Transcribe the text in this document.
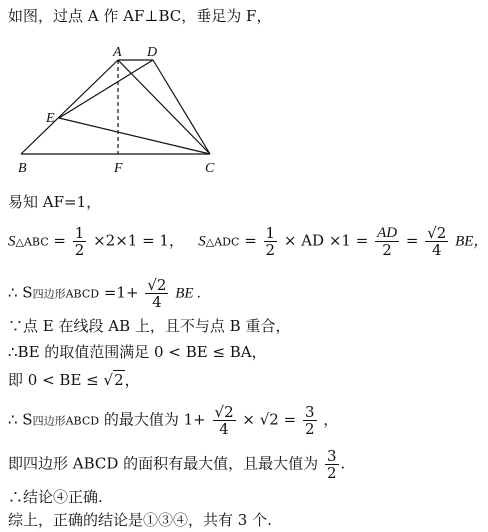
如图，过点 A 作 AF⊥BC，垂足为 F，
A D
E
B	F	C
易知 AF=1，
S△ABC = $\frac{1}{2} \times 2\times 1 = 1$， S△ADC = $\frac{1}{2}$ × AD $\times 1 = \frac{AD}{2} = \frac{√2}{4}$ BE，
∴ S四边形ABCD $=1+ \frac{√2}{4}$ BE .
∵点 E 在线段 AB 上，且不与点 B 重合，
∴BE 的取值范围满足 0 < BE ≤ BA，
即 0 < BE ≤ √2，
∴ S四边形ABCD 的最大值为 $1+ \frac{√2}{4} \times √2 = \frac{3}{2}$ ，
即四边形 ABCD 的面积有最大值，且最大值为 $\frac{3}{2}$ .
∴结论④正确.
综上，正确的结论是①③④，共有 3 个.
